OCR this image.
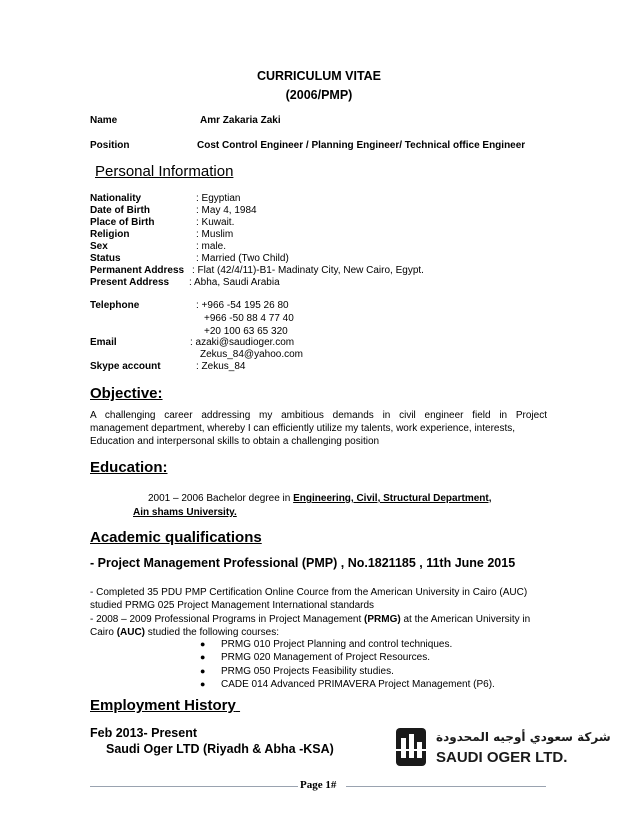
CURRICULUM VITAE
(2006/PMP)
Name	Amr Zakaria Zaki
Position	Cost Control Engineer / Planning Engineer/ Technical office Engineer
Personal Information
Nationality	: Egyptian
Date of Birth	: May 4, 1984
Place of Birth	: Kuwait.
Religion	: Muslim
Sex	: male.
Status	: Married (Two Child)
Permanent Address : Flat (42/4/11)-B1- Madinaty City, New Cairo, Egypt.
Present Address : Abha, Saudi Arabia
Telephone	: +966 -54 195 26 80
+966 -50 88 4 77 40
+20 100 63 65 320
Email	: azaki@saudioger.com
Zekus_84@yahoo.com
Skype account	: Zekus_84
Objective:
A challenging career addressing my ambitious demands in civil engineer field in Project
management department, whereby I can efficiently utilize my talents, work experience, interests,
Education and interpersonal skills to obtain a challenging position
Education:
2001 – 2006 Bachelor degree in Engineering, Civil, Structural Department,
Ain shams University.
Academic qualifications
- Project Management Professional (PMP) , No.1821185 , 11th June 2015
- Completed 35 PDU PMP Certification Online Cource from the American University in Cairo (AUC)
studied PRMG 025 Project Management International standards
- 2008 – 2009 Professional Programs in Project Management (PRMG) at the American University in
Cairo (AUC) studied the following courses:
● PRMG 010 Project Planning and control techniques.
● PRMG 020 Management of Project Resources.
● PRMG 050 Projects Feasibility studies.
● CADE 014 Advanced PRIMAVERA Project Management (P6).
Employment History
Feb 2013- Present
Saudi Oger LTD (Riyadh & Abha -KSA)
شركة سعودي أوجيه المحدودة
SAUDI OGER LTD.
Page 1#
